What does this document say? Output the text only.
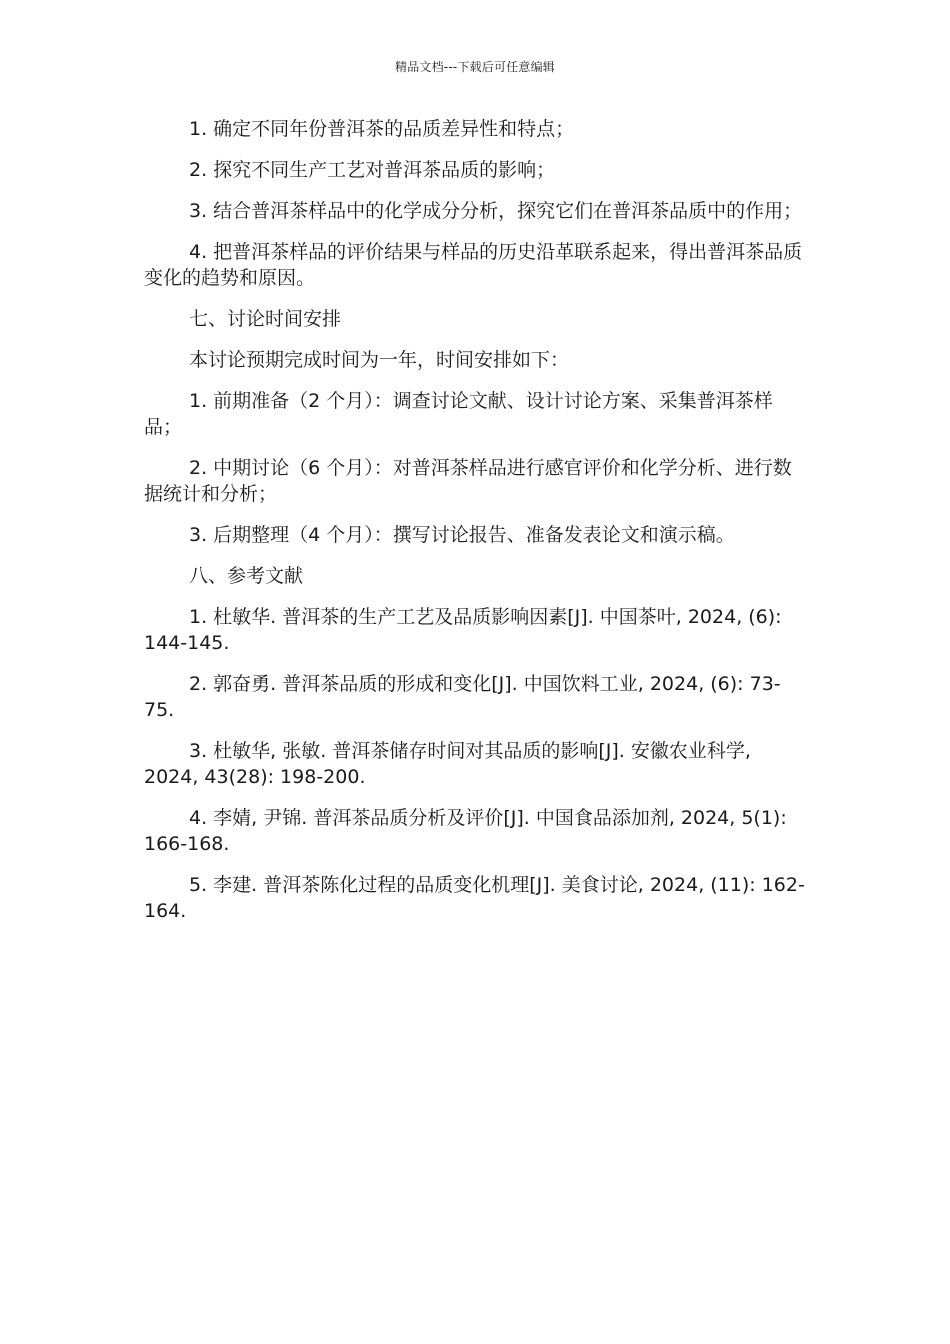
精品文档---下载后可任意编辑

1. 确定不同年份普洱茶的品质差异性和特点；

2. 探究不同生产工艺对普洱茶品质的影响；

3. 结合普洱茶样品中的化学成分分析，探究它们在普洱茶品质中的作用；

4. 把普洱茶样品的评价结果与样品的历史沿革联系起来，得出普洱茶品质变化的趋势和原因。

七、讨论时间安排

本讨论预期完成时间为一年，时间安排如下：

1. 前期准备（2 个月）：调查讨论文献、设计讨论方案、采集普洱茶样品；

2. 中期讨论（6 个月）：对普洱茶样品进行感官评价和化学分析、进行数据统计和分析；

3. 后期整理（4 个月）：撰写讨论报告、准备发表论文和演示稿。

八、参考文献

1. 杜敏华. 普洱茶的生产工艺及品质影响因素[J]. 中国茶叶, 2024, (6): 144-145.

2. 郭奋勇. 普洱茶品质的形成和变化[J]. 中国饮料工业, 2024, (6): 73-75.

3. 杜敏华, 张敏. 普洱茶储存时间对其品质的影响[J]. 安徽农业科学, 2024, 43(28): 198-200.

4. 李婧, 尹锦. 普洱茶品质分析及评价[J]. 中国食品添加剂, 2024, 5(1): 166-168.

5. 李建. 普洱茶陈化过程的品质变化机理[J]. 美食讨论, 2024, (11): 162-164.
